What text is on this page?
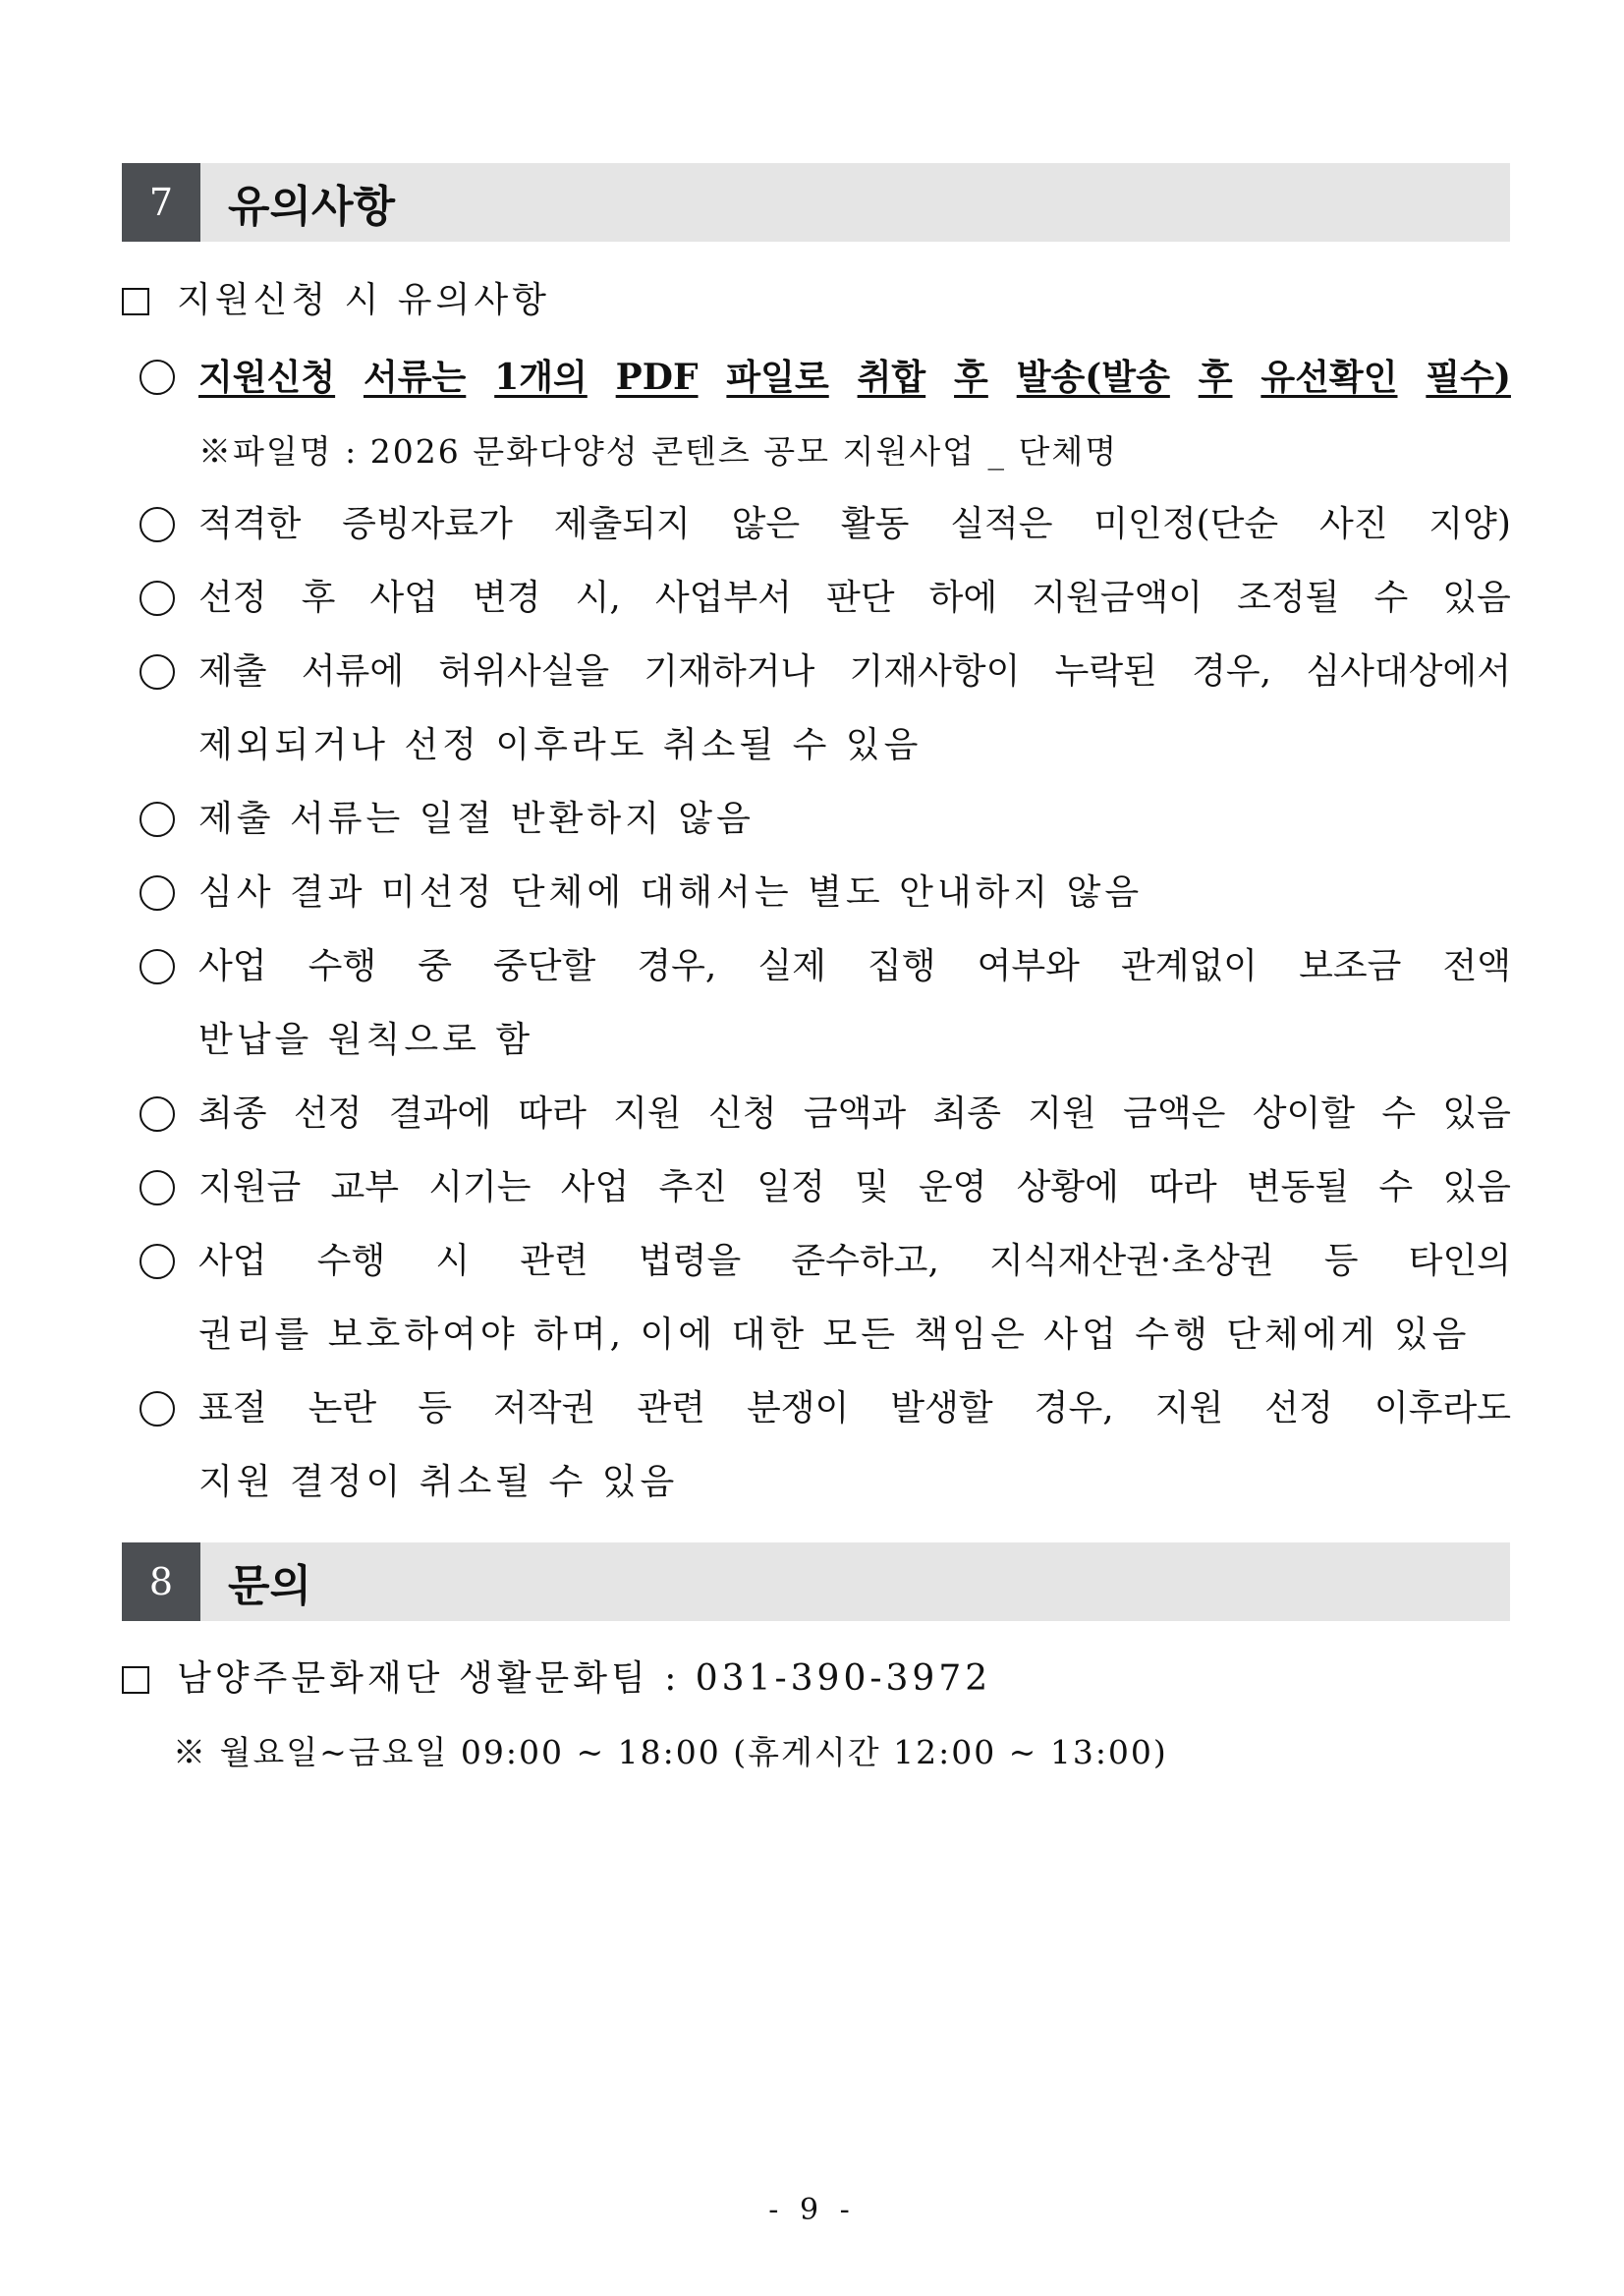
7	유의사항
지원신청 시 유의사항
지원신청 서류는 1개의 PDF 파일로 취합 후 발송(발송 후 유선확인 필수)
※파일명 : 2026 문화다양성 콘텐츠 공모 지원사업 _ 단체명
적격한 증빙자료가 제출되지 않은 활동 실적은 미인정(단순 사진 지양)
선정 후 사업 변경 시, 사업부서 판단 하에 지원금액이 조정될 수 있음
제출 서류에 허위사실을 기재하거나 기재사항이 누락된 경우, 심사대상에서
제외되거나 선정 이후라도 취소될 수 있음
제출 서류는 일절 반환하지 않음
심사 결과 미선정 단체에 대해서는 별도 안내하지 않음
사업 수행 중 중단할 경우, 실제 집행 여부와 관계없이 보조금 전액
반납을 원칙으로 함
최종 선정 결과에 따라 지원 신청 금액과 최종 지원 금액은 상이할 수 있음
지원금 교부 시기는 사업 추진 일정 및 운영 상황에 따라 변동될 수 있음
사업 수행 시 관련 법령을 준수하고, 지식재산권·초상권 등 타인의
권리를 보호하여야 하며, 이에 대한 모든 책임은 사업 수행 단체에게 있음
표절 논란 등 저작권 관련 분쟁이 발생할 경우, 지원 선정 이후라도
지원 결정이 취소될 수 있음
8	문의
남양주문화재단 생활문화팀 : 031-390-3972
※ 월요일~금요일 09:00 ~ 18:00 (휴게시간 12:00 ~ 13:00)
- 9 -
